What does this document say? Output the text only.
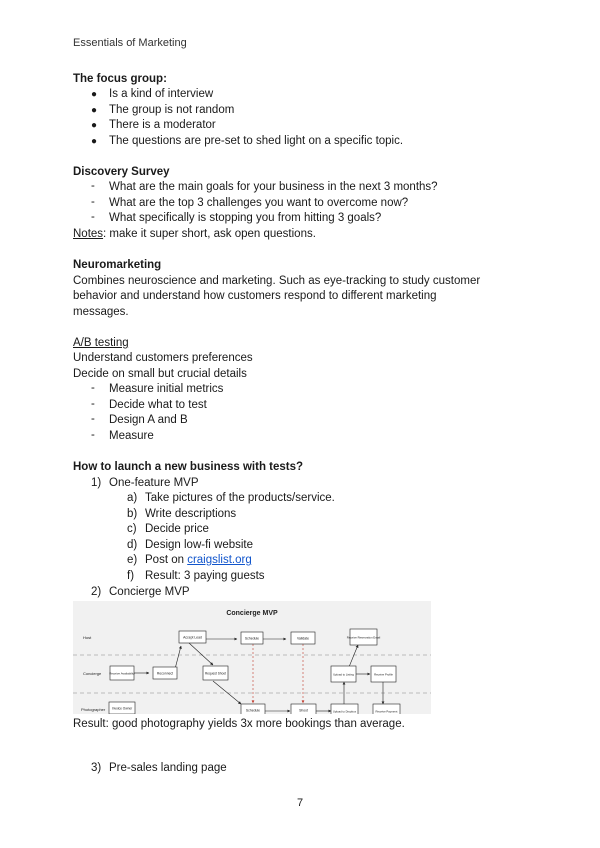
Essentials of Marketing
The focus group:
● Is a kind of interview
● The group is not random
● There is a moderator
● The questions are pre-set to shed light on a specific topic.
Discovery Survey
- What are the main goals for your business in the next 3 months?
- What are the top 3 challenges you want to overcome now?
- What specifically is stopping you from hitting 3 goals?
Notes: make it super short, ask open questions.
Neuromarketing
Combines neuroscience and marketing. Such as eye-tracking to study customer
behavior and understand how customers respond to different marketing
messages.
A/B testing
Understand customers preferences
Decide on small but crucial details
- Measure initial metrics
- Decide what to test
- Design A and B
- Measure
How to launch a new business with tests?
1) One-feature MVP
a) Take pictures of the products/service.
b) Write descriptions
c) Decide price
d) Design low-fi website
e) Post on craigslist.org
f) Result: 3 paying guests
2) Concierge MVP
Concierge MVP
Host
Concierge
Photographer
Accept Lead	Schedule	Validate	Receive Reservation Email
Receive Availability	Reconnect	Request Shoot	Upload to Listing	Receive Profile
Invoice Owner	Schedule	Shoot	Upload to Dropbox	Receive Payment
Result: good photography yields 3x more bookings than average.
3) Pre-sales landing page
7
